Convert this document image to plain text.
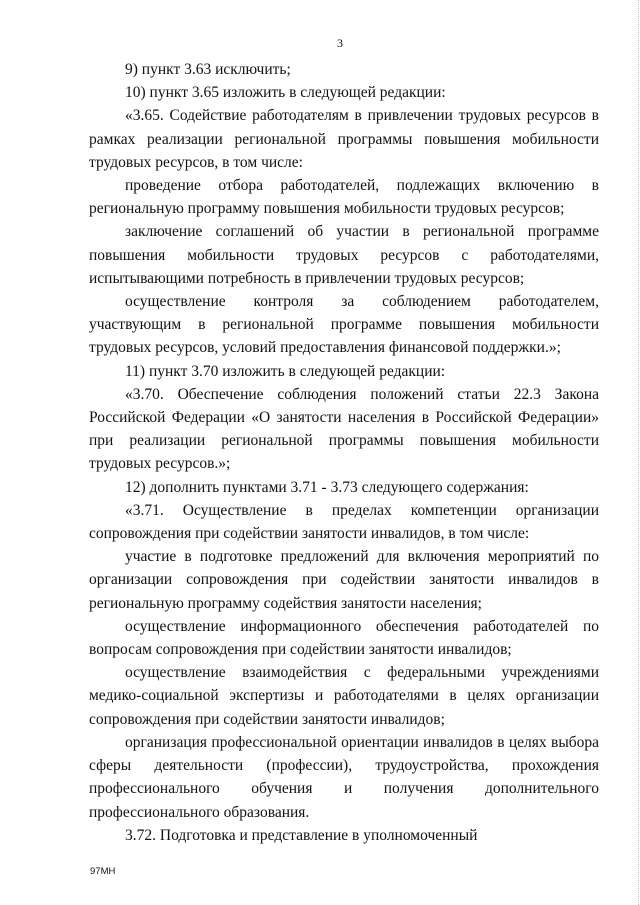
3

9) пункт 3.63 исключить;

10) пункт 3.65 изложить в следующей редакции:

«3.65. Содействие работодателям в привлечении трудовых ресурсов в рамках реализации региональной программы повышения мобильности трудовых ресурсов, в том числе:

проведение отбора работодателей, подлежащих включению в региональную программу повышения мобильности трудовых ресурсов;

заключение соглашений об участии в региональной программе повышения мобильности трудовых ресурсов с работодателями, испытывающими потребность в привлечении трудовых ресурсов;

осуществление контроля за соблюдением работодателем, участвующим в региональной программе повышения мобильности трудовых ресурсов, условий предоставления финансовой поддержки.»;

11) пункт 3.70 изложить в следующей редакции:

«3.70. Обеспечение соблюдения положений статьи 22.3 Закона Российской Федерации «О занятости населения в Российской Федерации» при реализации региональной программы повышения мобильности трудовых ресурсов.»;

12) дополнить пунктами 3.71 - 3.73 следующего содержания:

«3.71. Осуществление в пределах компетенции организации сопровождения при содействии занятости инвалидов, в том числе:

участие в подготовке предложений для включения мероприятий по организации сопровождения при содействии занятости инвалидов в региональную программу содействия занятости населения;

осуществление информационного обеспечения работодателей по вопросам сопровождения при содействии занятости инвалидов;

осуществление взаимодействия с федеральными учреждениями медико-социальной экспертизы и работодателями в целях организации сопровождения при содействии занятости инвалидов;

организация профессиональной ориентации инвалидов в целях выбора сферы деятельности (профессии), трудоустройства, прохождения профессионального обучения и получения дополнительного профессионального образования.

3.72. Подготовка и представление в уполномоченный

97МН
